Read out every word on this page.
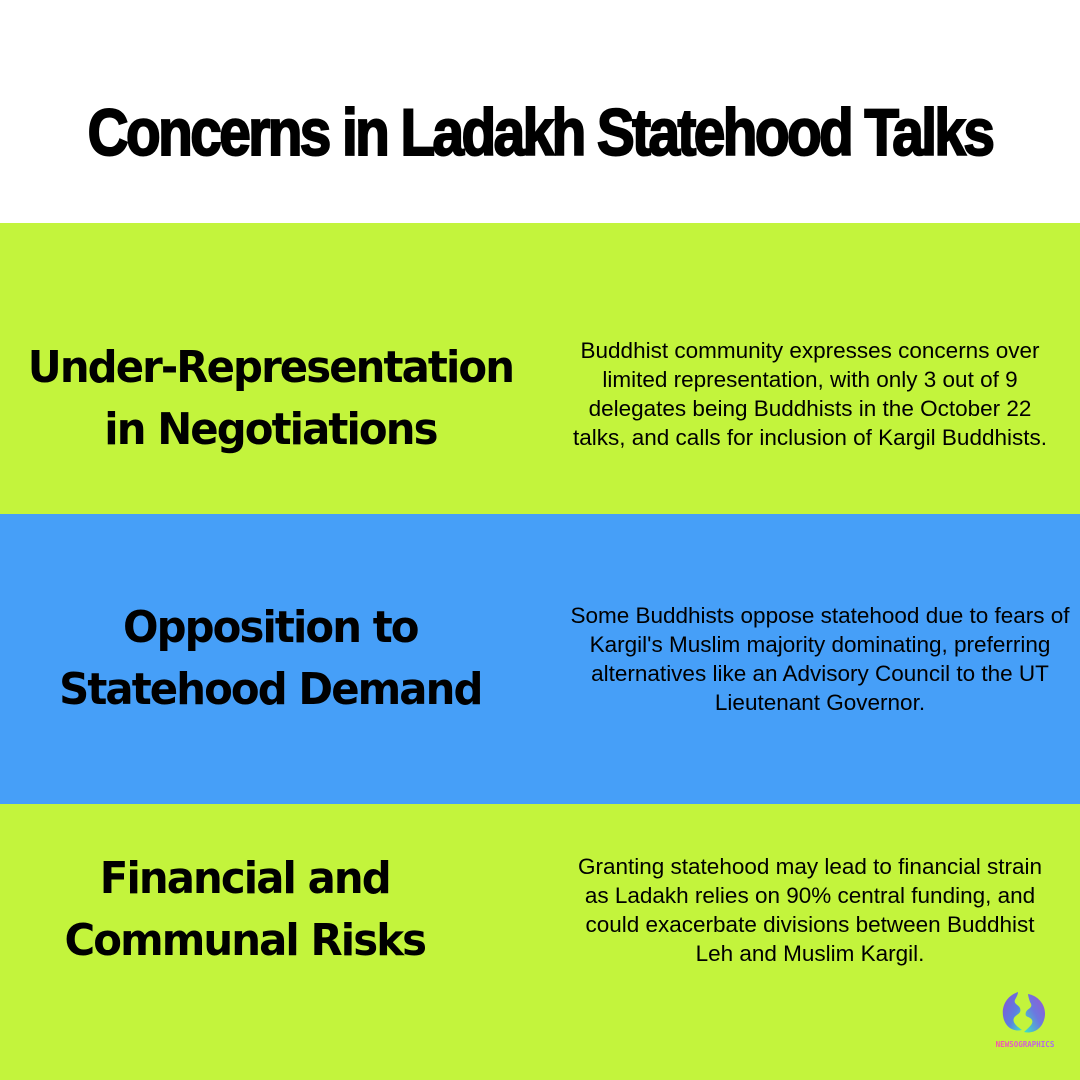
Concerns in Ladakh Statehood Talks
Under-Representation
in Negotiations

Buddhist community expresses concerns over limited representation, with only 3 out of 9 delegates being Buddhists in the October 22 talks, and calls for inclusion of Kargil Buddhists.

Opposition to
Statehood Demand

Some Buddhists oppose statehood due to fears of Kargil's Muslim majority dominating, preferring alternatives like an Advisory Council to the UT Lieutenant Governor.

Financial and
Communal Risks

Granting statehood may lead to financial strain as Ladakh relies on 90% central funding, and could exacerbate divisions between Buddhist Leh and Muslim Kargil.

NEWSOGRAPHICS
